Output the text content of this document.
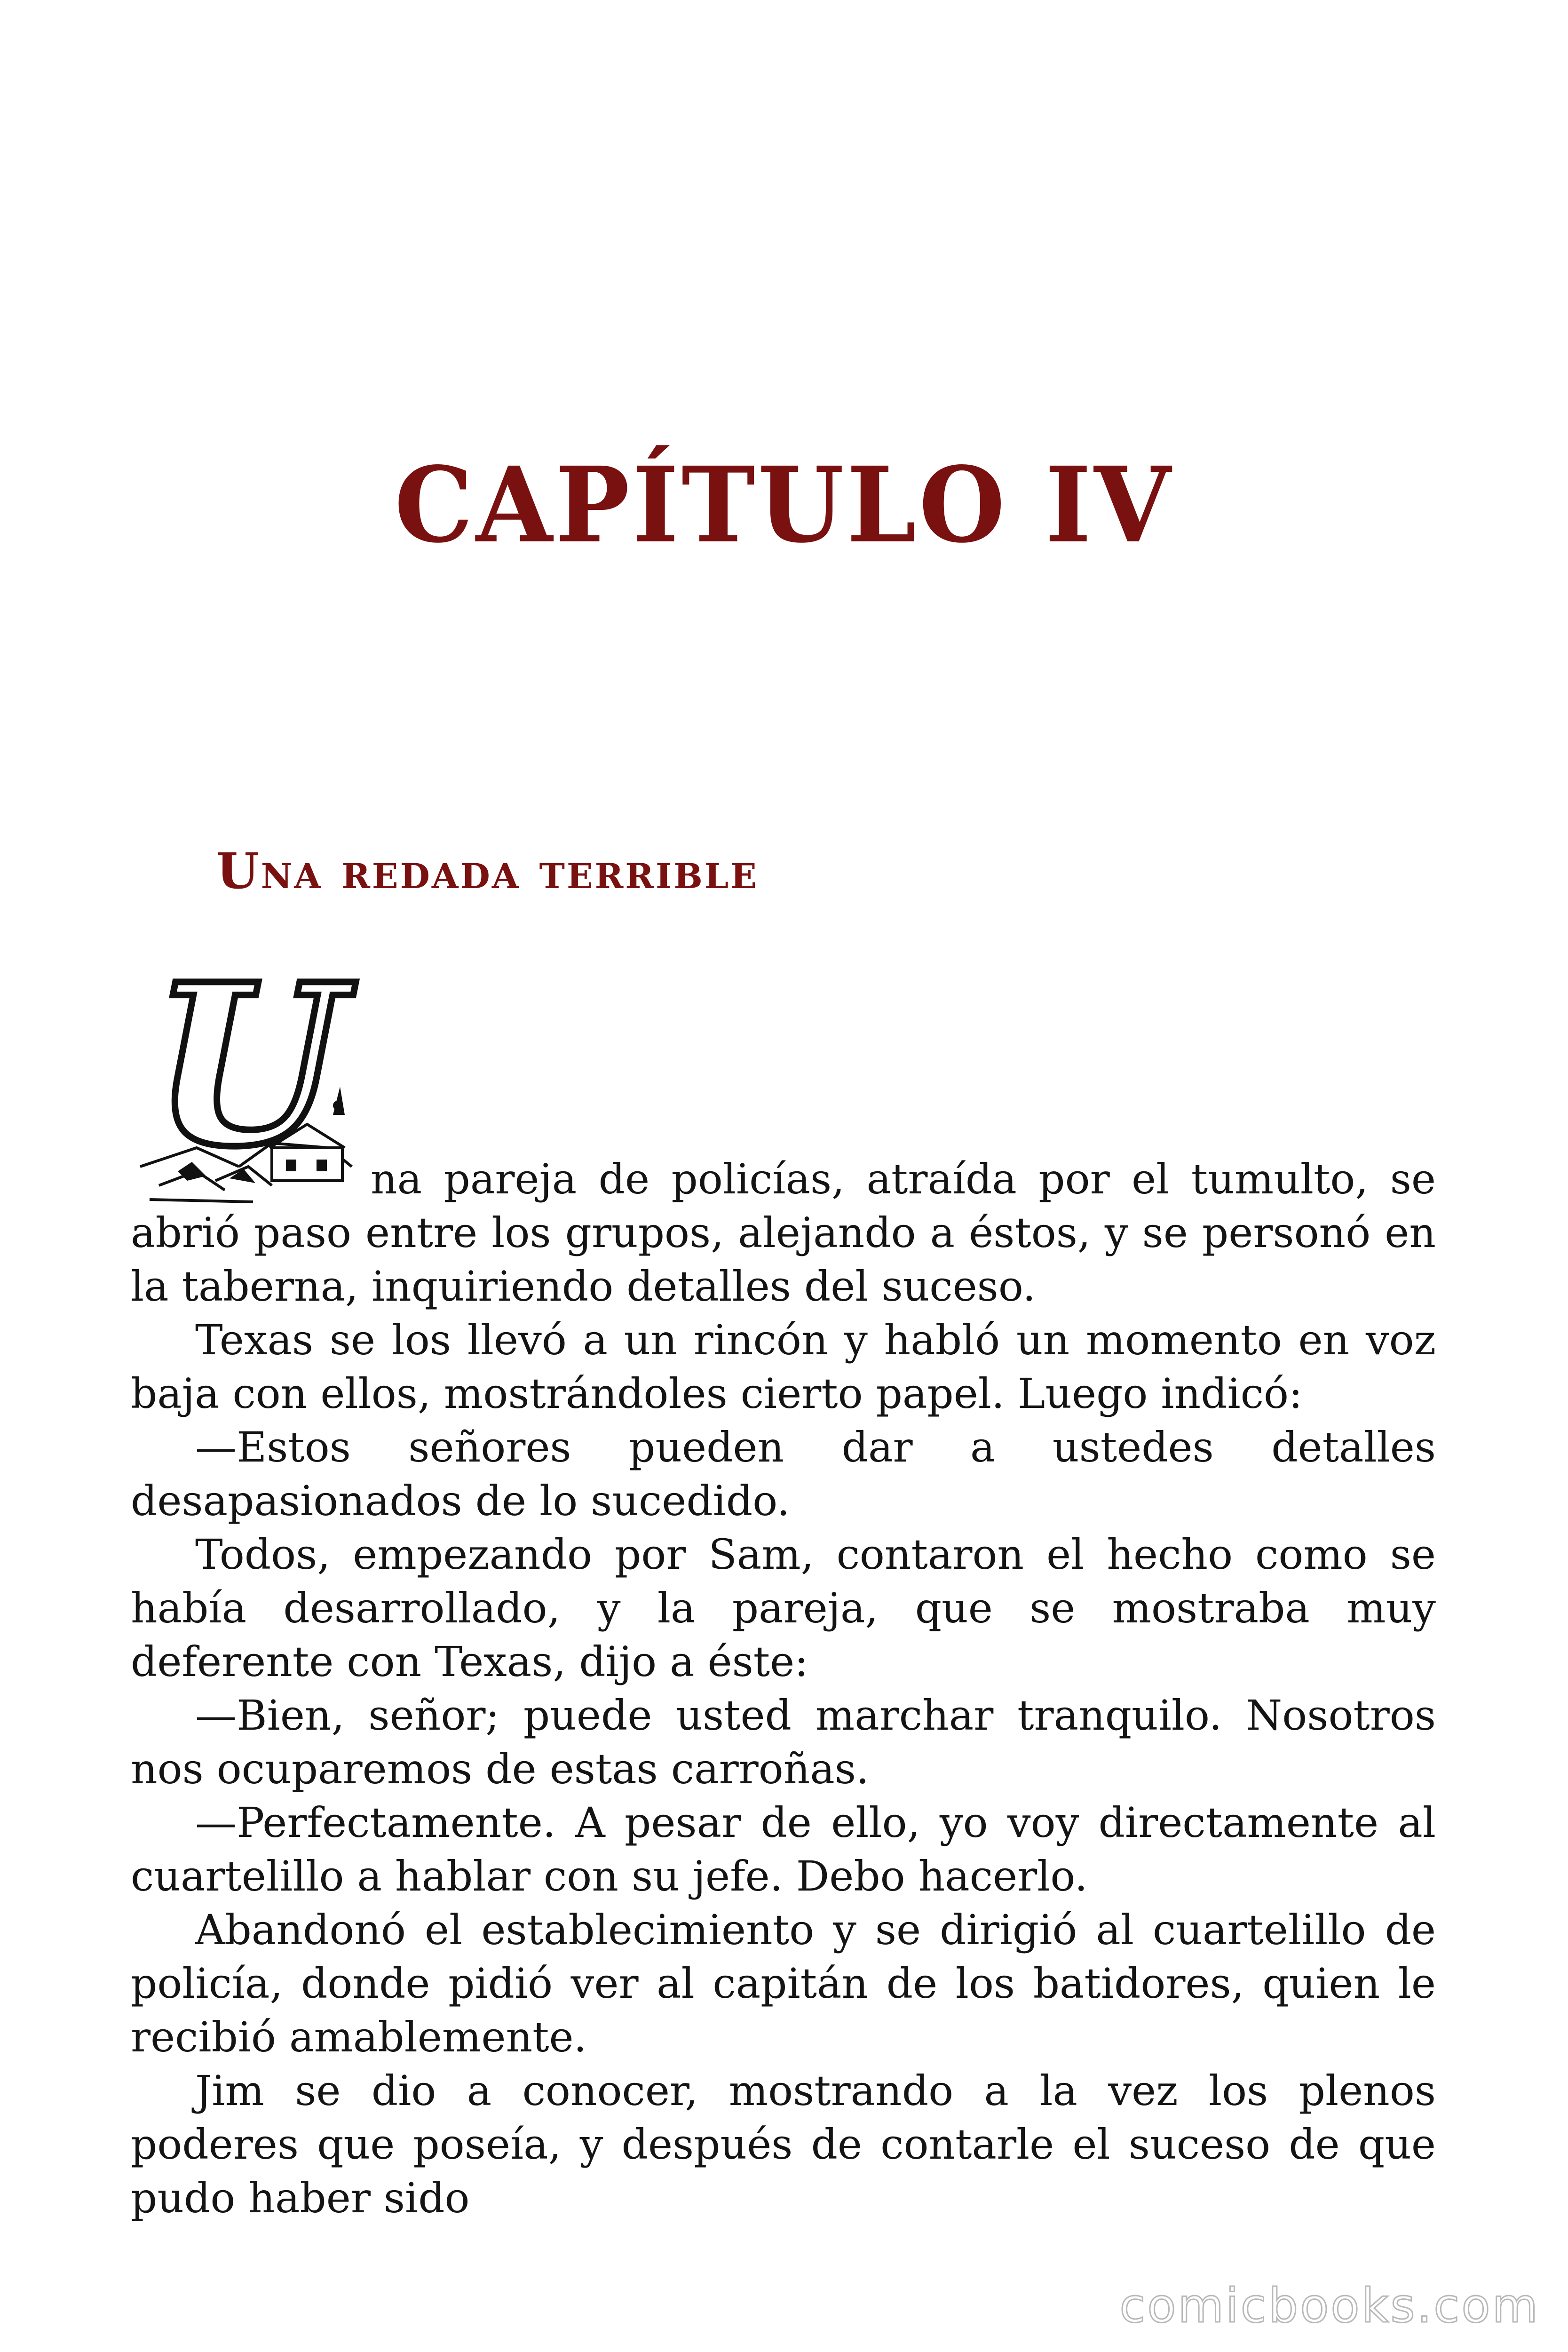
CAPÍTULO IV
Una redada terrible
U na pareja de policías, atraída por el tumulto, se abrió paso entre los grupos, alejando a éstos, y se personó en la taberna, inquiriendo detalles del suceso.

Texas se los llevó a un rincón y habló un momento en voz baja con ellos, mostrándoles cierto papel. Luego indicó:

—Estos señores pueden dar a ustedes detalles desapasionados de lo sucedido.

Todos, empezando por Sam, contaron el hecho como se había desarrollado, y la pareja, que se mostraba muy deferente con Texas, dijo a éste:

—Bien, señor; puede usted marchar tranquilo. Nosotros nos ocuparemos de estas carroñas.

—Perfectamente. A pesar de ello, yo voy directamente al cuartelillo a hablar con su jefe. Debo hacerlo.

Abandonó el establecimiento y se dirigió al cuartelillo de policía, donde pidió ver al capitán de los batidores, quien le recibió amablemente.

Jim se dio a conocer, mostrando a la vez los plenos poderes que poseía, y después de contarle el suceso de que pudo haber sido

comicbooks.com
